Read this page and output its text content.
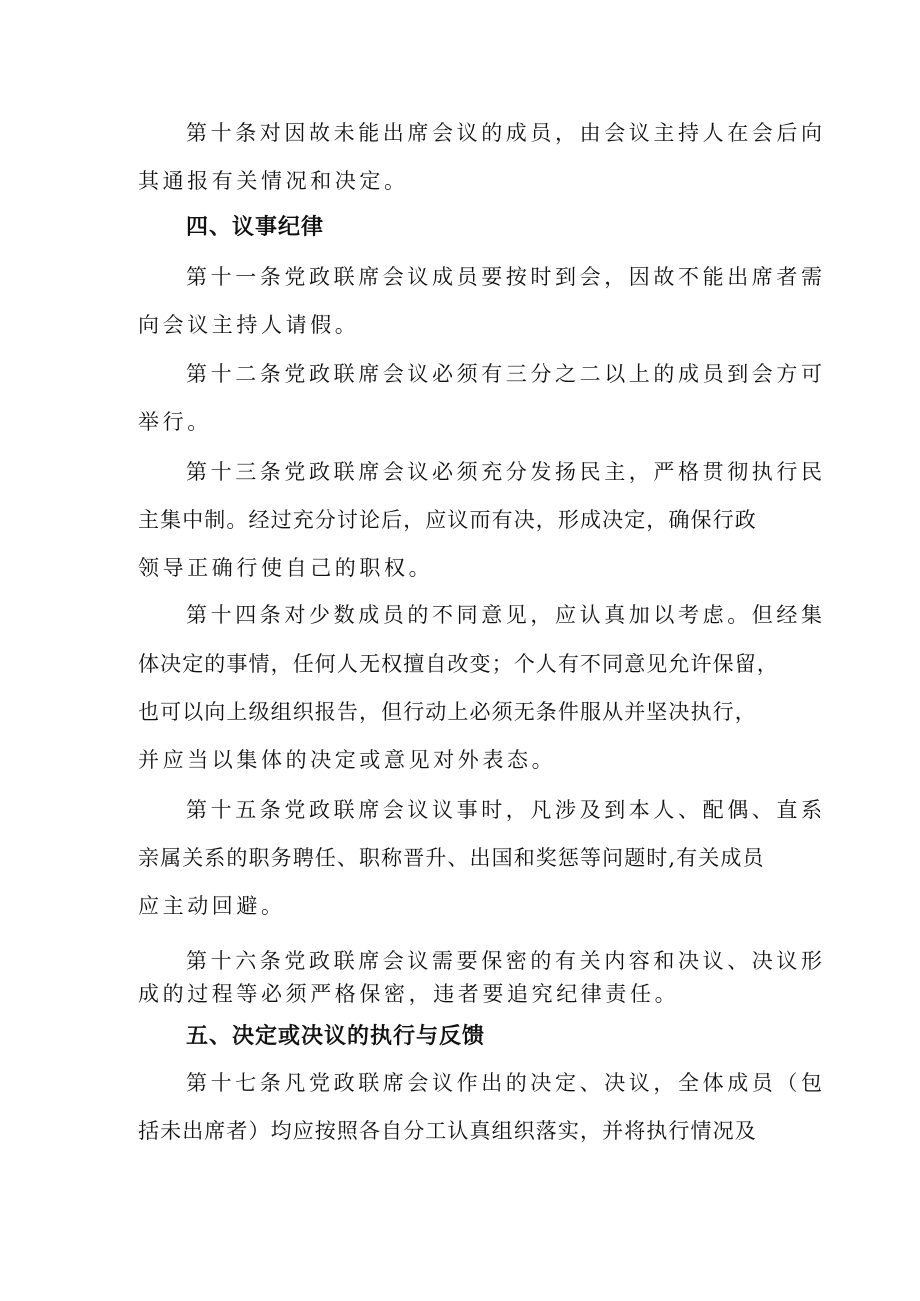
第十条对因故未能出席会议的成员，由会议主持人在会后向
其通报有关情况和决定。
四、议事纪律
第十一条党政联席会议成员要按时到会，因故不能出席者需
向会议主持人请假。
第十二条党政联席会议必须有三分之二以上的成员到会方可
举行。
第十三条党政联席会议必须充分发扬民主，严格贯彻执行民
主集中制。经过充分讨论后，应议而有决，形成决定，确保行政
领导正确行使自己的职权。
第十四条对少数成员的不同意见，应认真加以考虑。但经集
体决定的事情，任何人无权擅自改变；个人有不同意见允许保留，
也可以向上级组织报告，但行动上必须无条件服从并坚决执行，
并应当以集体的决定或意见对外表态。
第十五条党政联席会议议事时，凡涉及到本人、配偶、直系
亲属关系的职务聘任、职称晋升、出国和奖惩等问题时,有关成员
应主动回避。
第十六条党政联席会议需要保密的有关内容和决议、决议形
成的过程等必须严格保密，违者要追究纪律责任。
五、决定或决议的执行与反馈
第十七条凡党政联席会议作出的决定、决议，全体成员（包
括未出席者）均应按照各自分工认真组织落实，并将执行情况及
